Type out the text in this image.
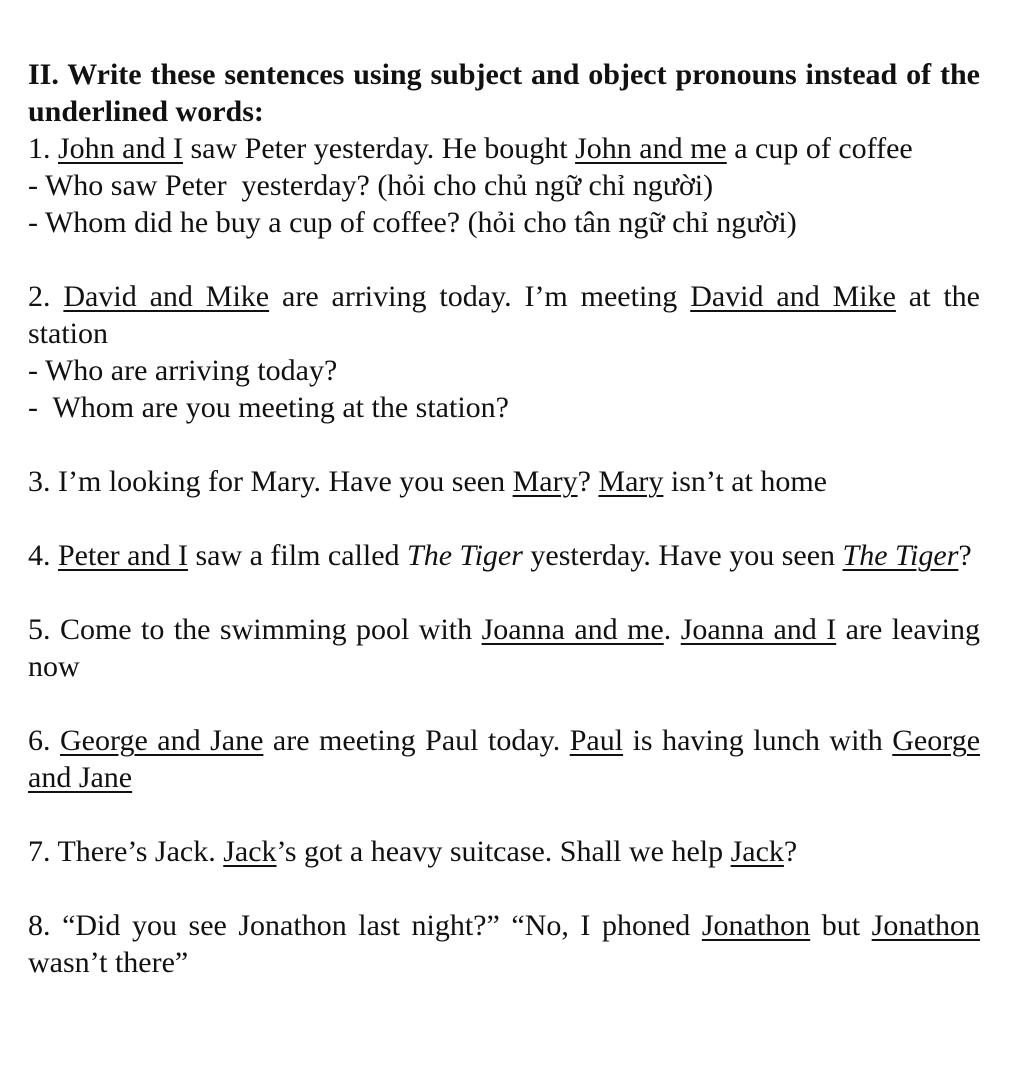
II. Write these sentences using subject and object pronouns instead of the underlined words:

1. John and I saw Peter yesterday. He bought John and me a cup of coffee

- Who saw Peter  yesterday? (hỏi cho chủ ngữ chỉ người)

- Whom did he buy a cup of coffee? (hỏi cho tân ngữ chỉ người)

2. David and Mike are arriving today. I’m meeting David and Mike at the station

- Who are arriving today?

-  Whom are you meeting at the station?

3. I’m looking for Mary. Have you seen Mary? Mary isn’t at home

4. Peter and I saw a film called The Tiger yesterday. Have you seen The Tiger?

5. Come to the swimming pool with Joanna and me. Joanna and I are leaving now

6. George and Jane are meeting Paul today. Paul is having lunch with George and Jane

7. There’s Jack. Jack’s got a heavy suitcase. Shall we help Jack?

8. “Did you see Jonathon last night?” “No, I phoned Jonathon but Jonathon wasn’t there”
